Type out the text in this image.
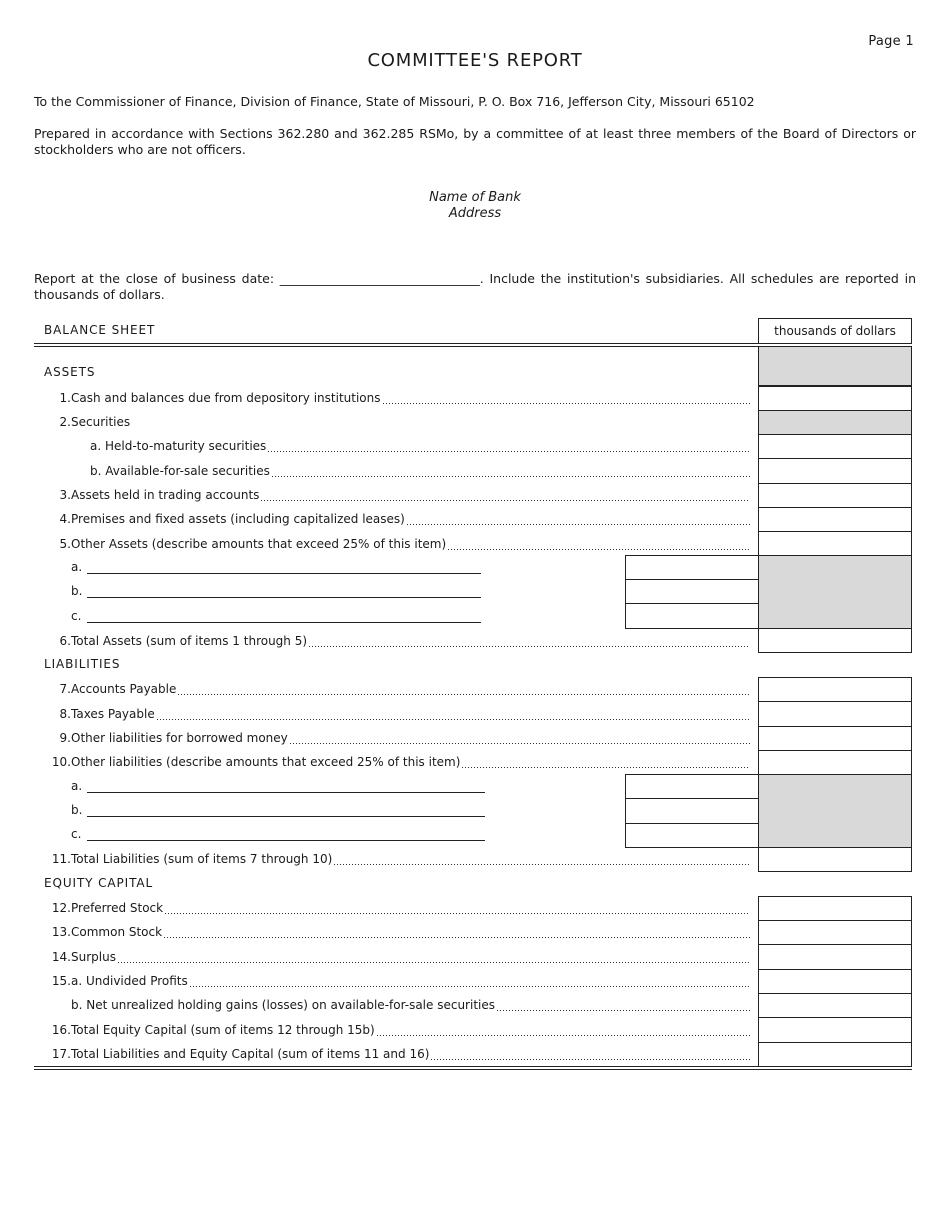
Page 1
COMMITTEE'S REPORT
To the Commissioner of Finance, Division of Finance, State of Missouri, P. O. Box 716, Jefferson City, Missouri 65102
Prepared in accordance with Sections 362.280 and 362.285 RSMo, by a committee of at least three members of the Board of Directors or stockholders who are not officers.
Name of Bank
Address
Report at the close of business date: ________________________________. Include the institution's subsidiaries. All schedules are reported in thousands of dollars.
BALANCE SHEET	thousands of dollars
ASSETS
1. Cash and balances due from depository institutions
2. Securities
a. Held-to-maturity securities
b. Available-for-sale securities
3. Assets held in trading accounts
4. Premises and fixed assets (including capitalized leases)
5. Other Assets (describe amounts that exceed 25% of this item)
a.
b.
c.
6. Total Assets (sum of items 1 through 5)
LIABILITIES
7. Accounts Payable
8. Taxes Payable
9. Other liabilities for borrowed money
10. Other liabilities (describe amounts that exceed 25% of this item)
a.
b.
c.
11. Total Liabilities (sum of items 7 through 10)
EQUITY CAPITAL
12. Preferred Stock
13. Common Stock
14. Surplus
15. a. Undivided Profits
b. Net unrealized holding gains (losses) on available-for-sale securities
16. Total Equity Capital (sum of items 12 through 15b)
17. Total Liabilities and Equity Capital (sum of items 11 and 16)
